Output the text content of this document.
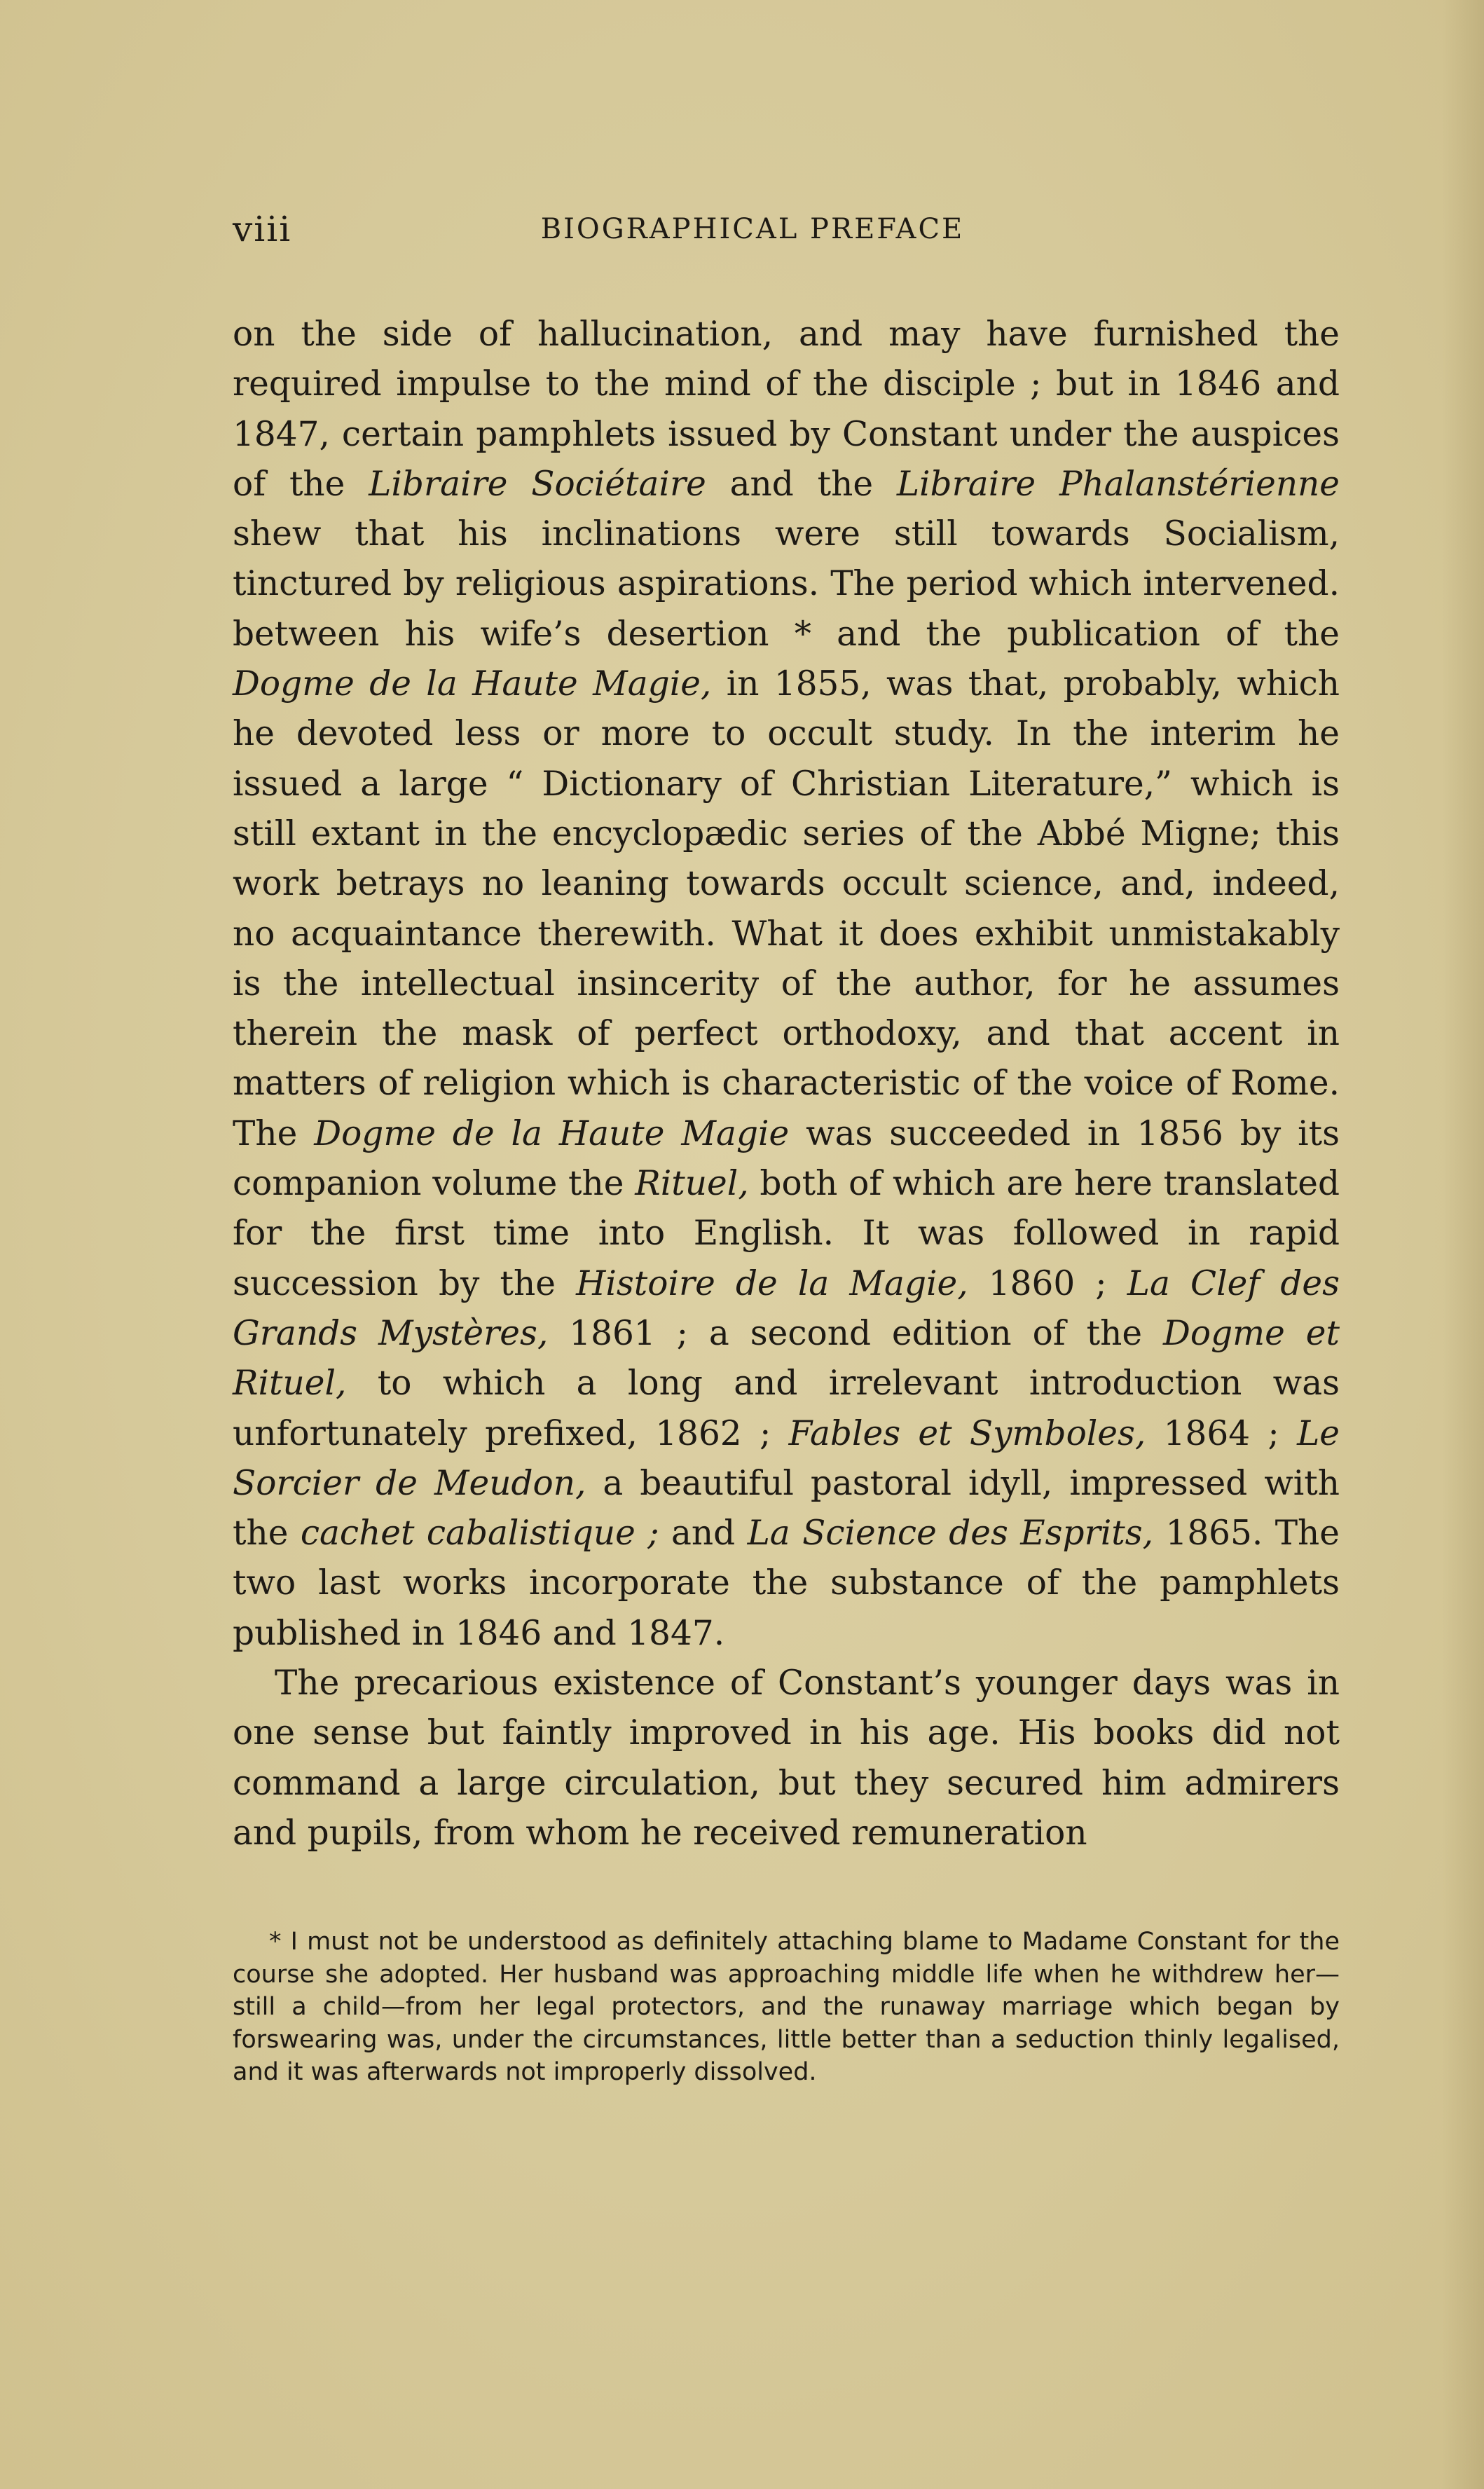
viii	BIOGRAPHICAL PREFACE

on the side of hallucination, and may have furnished the required impulse to the mind of the disciple ; but in 1846 and 1847, certain pamphlets issued by Constant under the auspices of the Libraire Sociétaire and the Libraire Phalanstérienne shew that his inclinations were still towards Socialism, tinctured by religious aspirations. The period which intervened. between his wife’s desertion * and the publication of the Dogme de la Haute Magie, in 1855, was that, probably, which he devoted less or more to occult study. In the interim he issued a large “ Dictionary of Christian Literature,” which is still extant in the encyclopædic series of the Abbé Migne; this work betrays no leaning towards occult science, and, indeed, no acquaintance therewith. What it does exhibit unmistakably is the intellectual insincerity of the author, for he assumes therein the mask of perfect orthodoxy, and that accent in matters of religion which is characteristic of the voice of Rome. The Dogme de la Haute Magie was succeeded in 1856 by its companion volume the Rituel, both of which are here translated for the first time into English. It was followed in rapid succession by the Histoire de la Magie, 1860 ; La Clef des Grands Mystères, 1861 ; a second edition of the Dogme et Rituel, to which a long and irrelevant introduction was unfortunately prefixed, 1862 ; Fables et Symboles, 1864 ; Le Sorcier de Meudon, a beautiful pastoral idyll, impressed with the cachet cabalistique ; and La Science des Esprits, 1865. The two last works incorporate the substance of the pamphlets published in 1846 and 1847.

The precarious existence of Constant’s younger days was in one sense but faintly improved in his age. His books did not command a large circulation, but they secured him admirers and pupils, from whom he received remuneration

* I must not be understood as definitely attaching blame to Madame Constant for the course she adopted. Her husband was approaching middle life when he withdrew her—still a child—from her legal protectors, and the runaway marriage which began by forswearing was, under the circumstances, little better than a seduction thinly legalised, and it was afterwards not improperly dissolved.
